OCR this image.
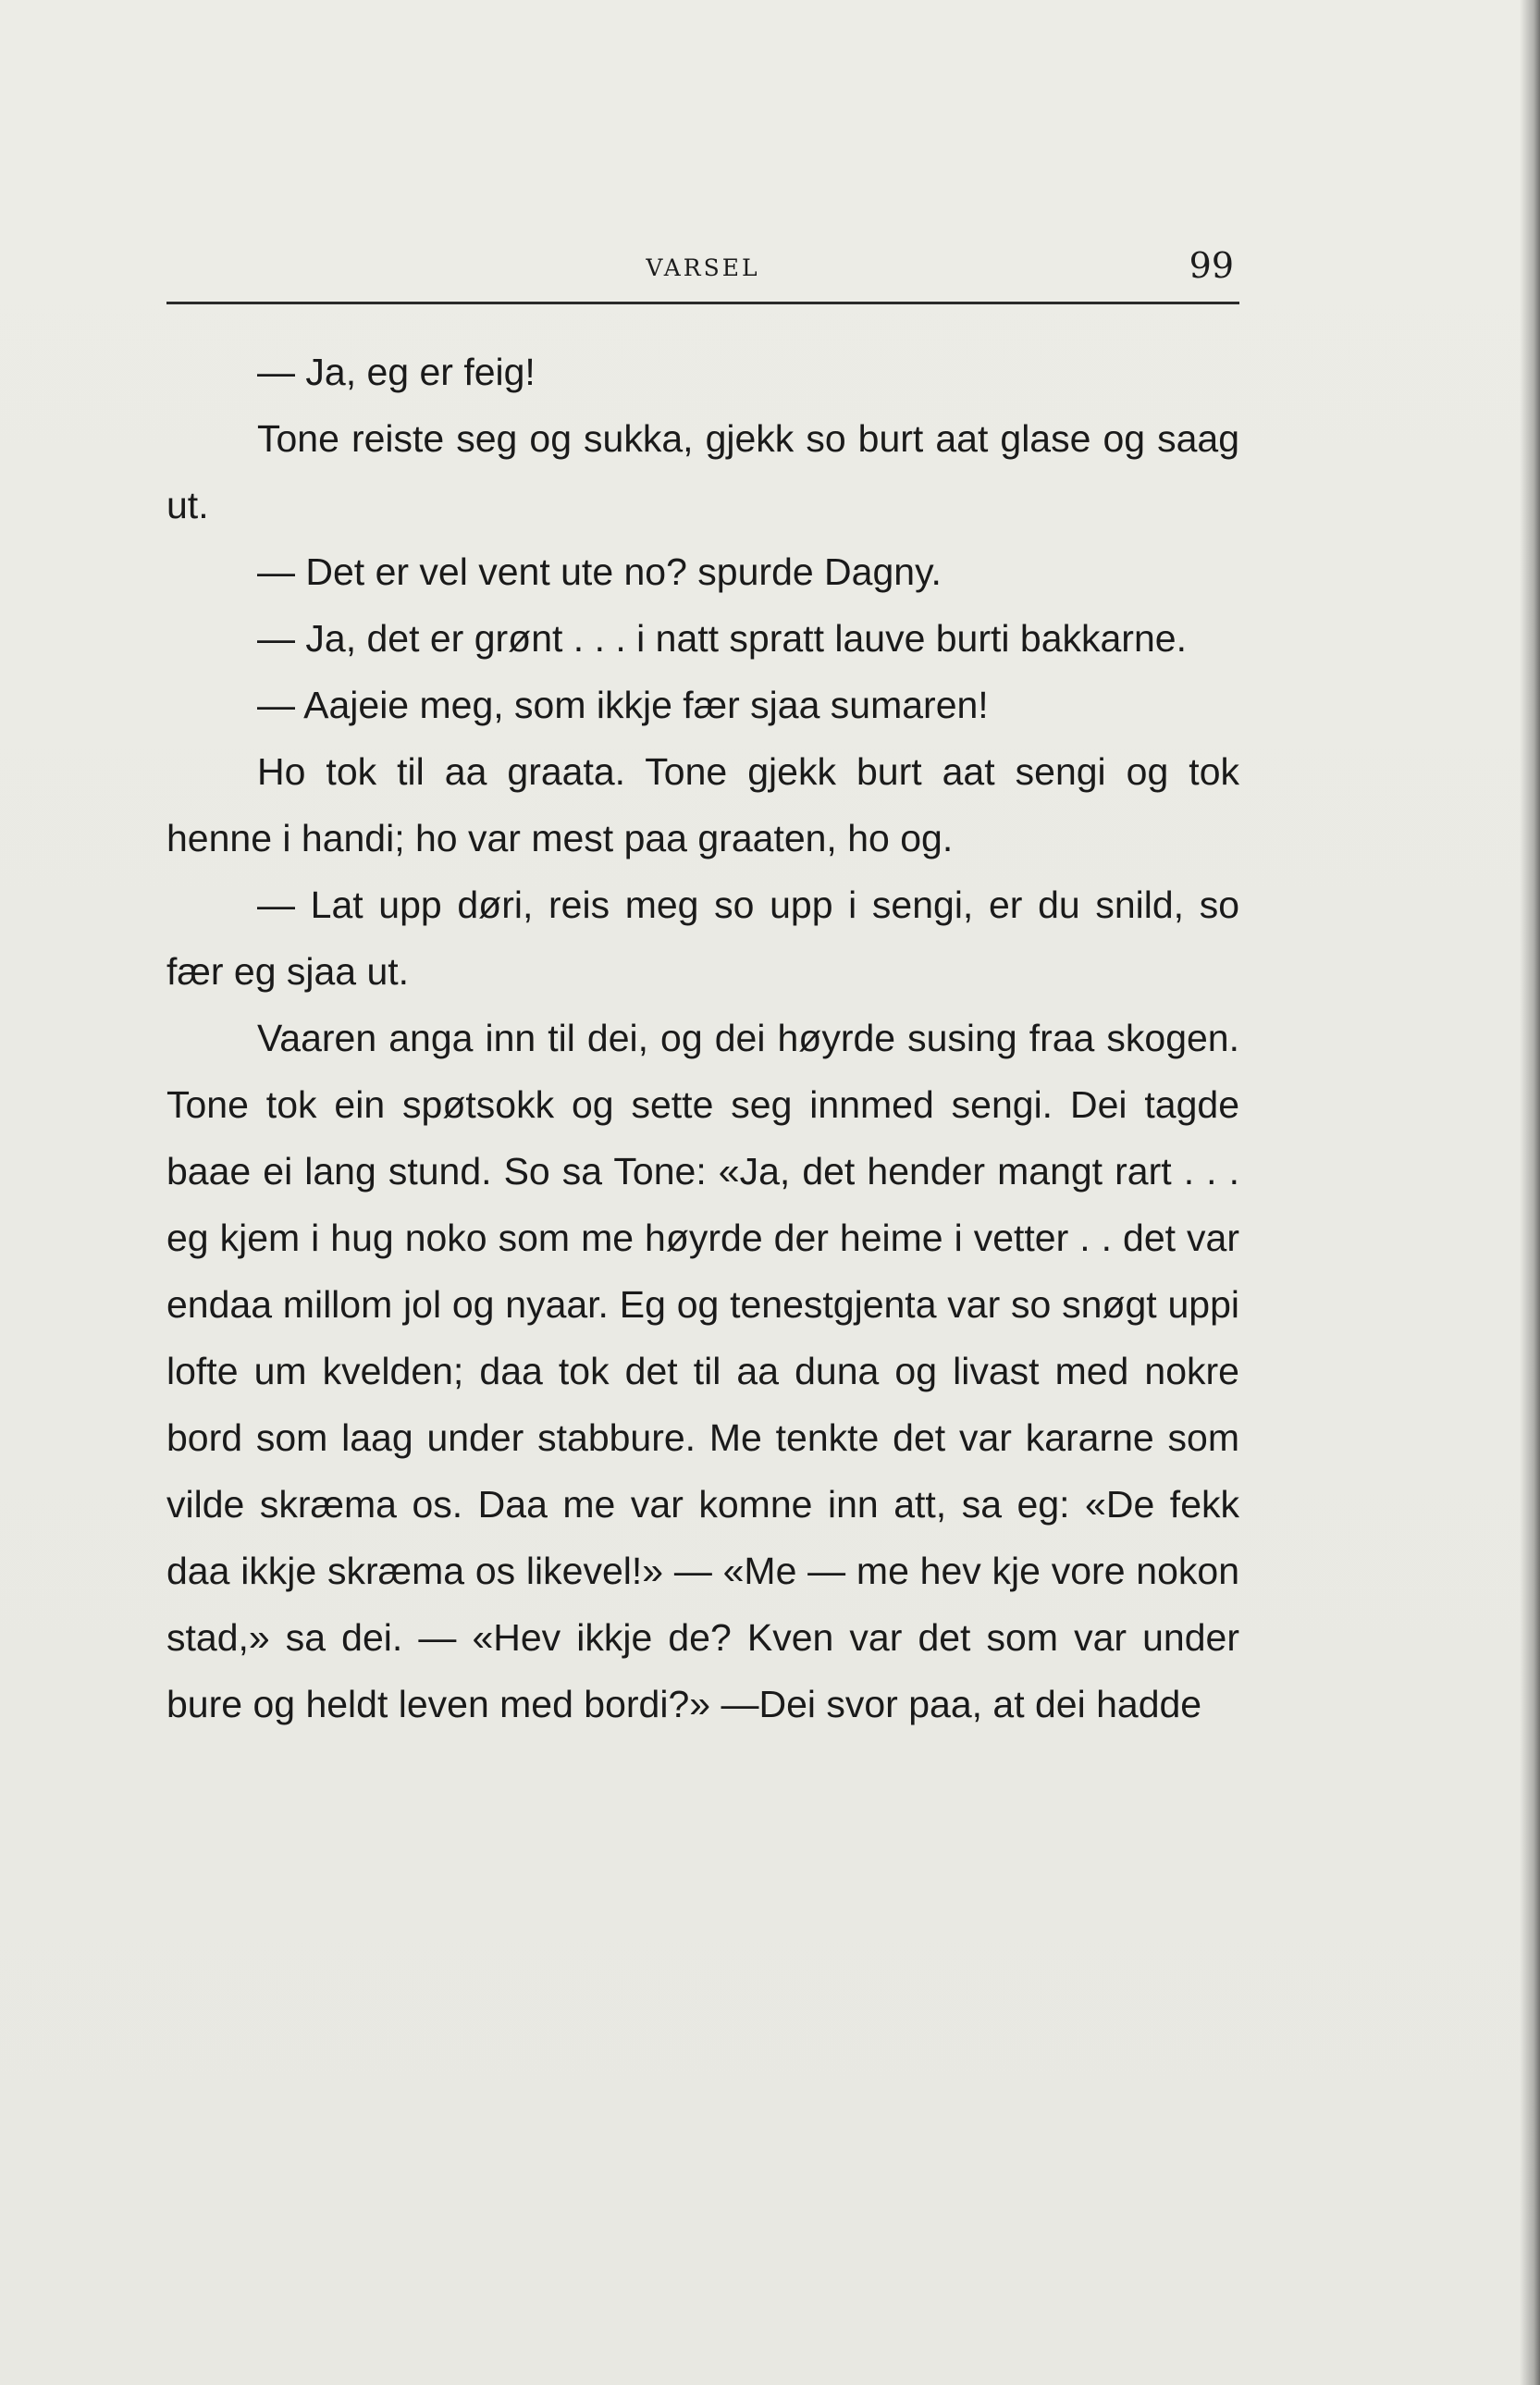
VARSEL	99

— Ja, eg er feig!

Tone reiste seg og sukka, gjekk so burt aat glase og saag ut.

— Det er vel vent ute no? spurde Dagny.

— Ja, det er grønt . . . i natt spratt lauve burti bakkarne.

— Aajeie meg, som ikkje fær sjaa sumaren!

Ho tok til aa graata. Tone gjekk burt aat sengi og tok henne i handi; ho var mest paa graaten, ho og.

— Lat upp døri, reis meg so upp i sengi, er du snild, so fær eg sjaa ut.

Vaaren anga inn til dei, og dei høyrde susing fraa skogen. Tone tok ein spøtsokk og sette seg innmed sengi. Dei tagde baae ei lang stund. So sa Tone: «Ja, det hender mangt rart . . . eg kjem i hug noko som me høyrde der heime i vetter . . det var endaa millom jol og nyaar. Eg og tenestgjenta var so snøgt uppi lofte um kvelden; daa tok det til aa duna og livast med nokre bord som laag under stabbure. Me tenkte det var kararne som vilde skræma os. Daa me var komne inn att, sa eg: «De fekk daa ikkje skræma os likevel!» — «Me — me hev kje vore nokon stad,» sa dei. — «Hev ikkje de? Kven var det som var under bure og heldt leven med bordi?» —Dei svor paa, at dei hadde
